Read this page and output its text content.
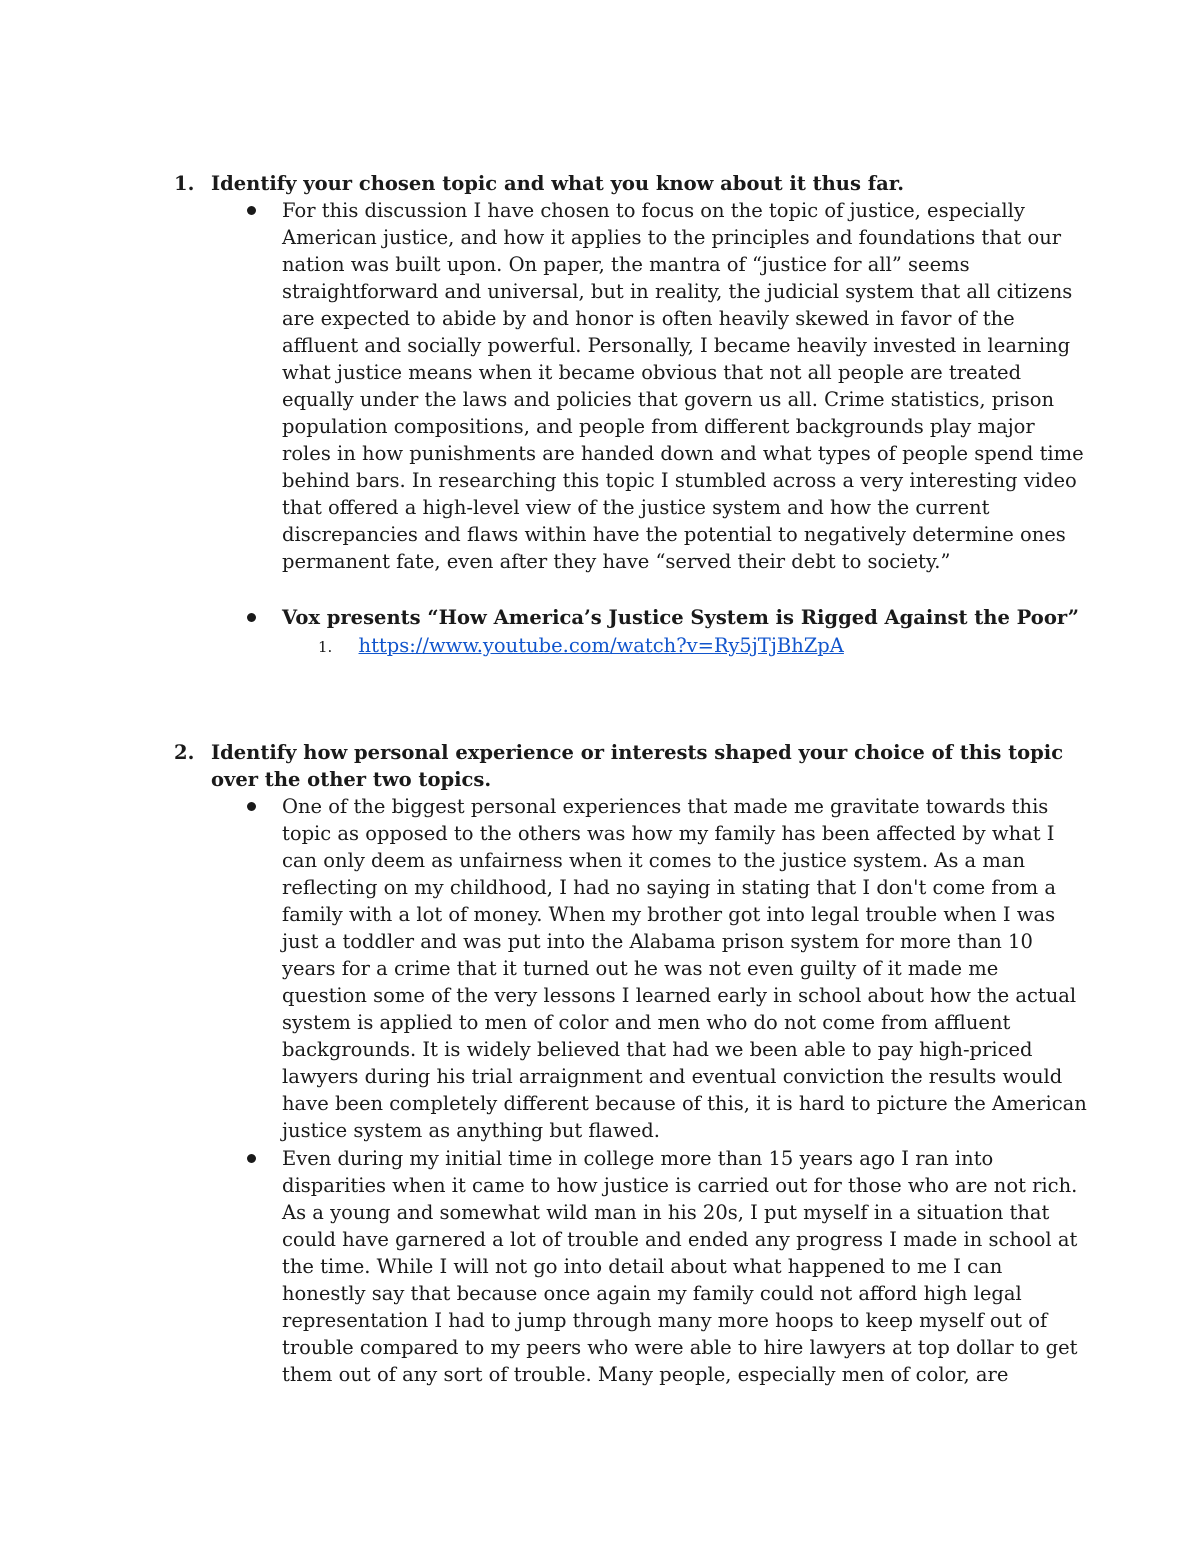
1. Identify your chosen topic and what you know about it thus far.
For this discussion I have chosen to focus on the topic of justice, especially American justice, and how it applies to the principles and foundations that our nation was built upon. On paper, the mantra of “justice for all” seems straightforward and universal, but in reality, the judicial system that all citizens are expected to abide by and honor is often heavily skewed in favor of the affluent and socially powerful. Personally, I became heavily invested in learning what justice means when it became obvious that not all people are treated equally under the laws and policies that govern us all. Crime statistics, prison population compositions, and people from different backgrounds play major roles in how punishments are handed down and what types of people spend time behind bars. In researching this topic I stumbled across a very interesting video that offered a high-level view of the justice system and how the current discrepancies and flaws within have the potential to negatively determine ones permanent fate, even after they have “served their debt to society.”
Vox presents “How America’s Justice System is Rigged Against the Poor”
1. https://www.youtube.com/watch?v=Ry5jTjBhZpA
2. Identify how personal experience or interests shaped your choice of this topic over the other two topics.
One of the biggest personal experiences that made me gravitate towards this topic as opposed to the others was how my family has been affected by what I can only deem as unfairness when it comes to the justice system. As a man reflecting on my childhood, I had no saying in stating that I don't come from a family with a lot of money. When my brother got into legal trouble when I was just a toddler and was put into the Alabama prison system for more than 10 years for a crime that it turned out he was not even guilty of it made me question some of the very lessons I learned early in school about how the actual system is applied to men of color and men who do not come from affluent backgrounds. It is widely believed that had we been able to pay high-priced lawyers during his trial arraignment and eventual conviction the results would have been completely different because of this, it is hard to picture the American justice system as anything but flawed.
Even during my initial time in college more than 15 years ago I ran into disparities when it came to how justice is carried out for those who are not rich. As a young and somewhat wild man in his 20s, I put myself in a situation that could have garnered a lot of trouble and ended any progress I made in school at the time. While I will not go into detail about what happened to me I can honestly say that because once again my family could not afford high legal representation I had to jump through many more hoops to keep myself out of trouble compared to my peers who were able to hire lawyers at top dollar to get them out of any sort of trouble. Many people, especially men of color, are
